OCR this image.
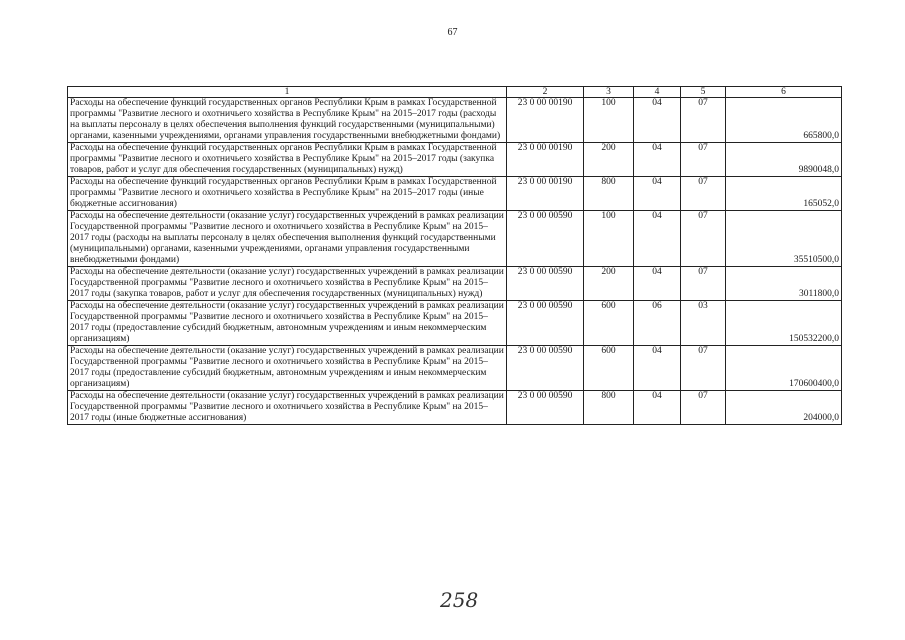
67
1	2	3	4	5	6
Расходы на обеспечение функций государственных органов Республики Крым в рамках Государственной программы "Развитие лесного и охотничьего хозяйства в Республике Крым" на 2015–2017 годы (расходы на выплаты персоналу в целях обеспечения выполнения функций государственными (муниципальными) органами, казенными учреждениями, органами управления государственными внебюджетными фондами)	23 0 00 00190	100	04	07	665800,0
Расходы на обеспечение функций государственных органов Республики Крым в рамках Государственной программы "Развитие лесного и охотничьего хозяйства в Республике Крым" на 2015–2017 годы (закупка товаров, работ и услуг для обеспечения государственных (муниципальных) нужд)	23 0 00 00190	200	04	07	9890048,0
Расходы на обеспечение функций государственных органов Республики Крым в рамках Государственной программы "Развитие лесного и охотничьего хозяйства в Республике Крым" на 2015–2017 годы (иные бюджетные ассигнования)	23 0 00 00190	800	04	07	165052,0
Расходы на обеспечение деятельности (оказание услуг) государственных учреждений в рамках реализации Государственной программы "Развитие лесного и охотничьего хозяйства в Республике Крым" на 2015–2017 годы (расходы на выплаты персоналу в целях обеспечения выполнения функций государственными (муниципальными) органами, казенными учреждениями, органами управления государственными внебюджетными фондами)	23 0 00 00590	100	04	07	35510500,0
Расходы на обеспечение деятельности (оказание услуг) государственных учреждений в рамках реализации Государственной программы "Развитие лесного и охотничьего хозяйства в Республике Крым" на 2015–2017 годы (закупка товаров, работ и услуг для обеспечения государственных (муниципальных) нужд)	23 0 00 00590	200	04	07	3011800,0
Расходы на обеспечение деятельности (оказание услуг) государственных учреждений в рамках реализации Государственной программы "Развитие лесного и охотничьего хозяйства в Республике Крым" на 2015–2017 годы (предоставление субсидий бюджетным, автономным учреждениям и иным некоммерческим организациям)	23 0 00 00590	600	06	03	150532200,0
Расходы на обеспечение деятельности (оказание услуг) государственных учреждений в рамках реализации Государственной программы "Развитие лесного и охотничьего хозяйства в Республике Крым" на 2015–2017 годы (предоставление субсидий бюджетным, автономным учреждениям и иным некоммерческим организациям)	23 0 00 00590	600	04	07	170600400,0
Расходы на обеспечение деятельности (оказание услуг) государственных учреждений в рамках реализации Государственной программы "Развитие лесного и охотничьего хозяйства в Республике Крым" на 2015–2017 годы (иные бюджетные ассигнования)	23 0 00 00590	800	04	07	204000,0
258
